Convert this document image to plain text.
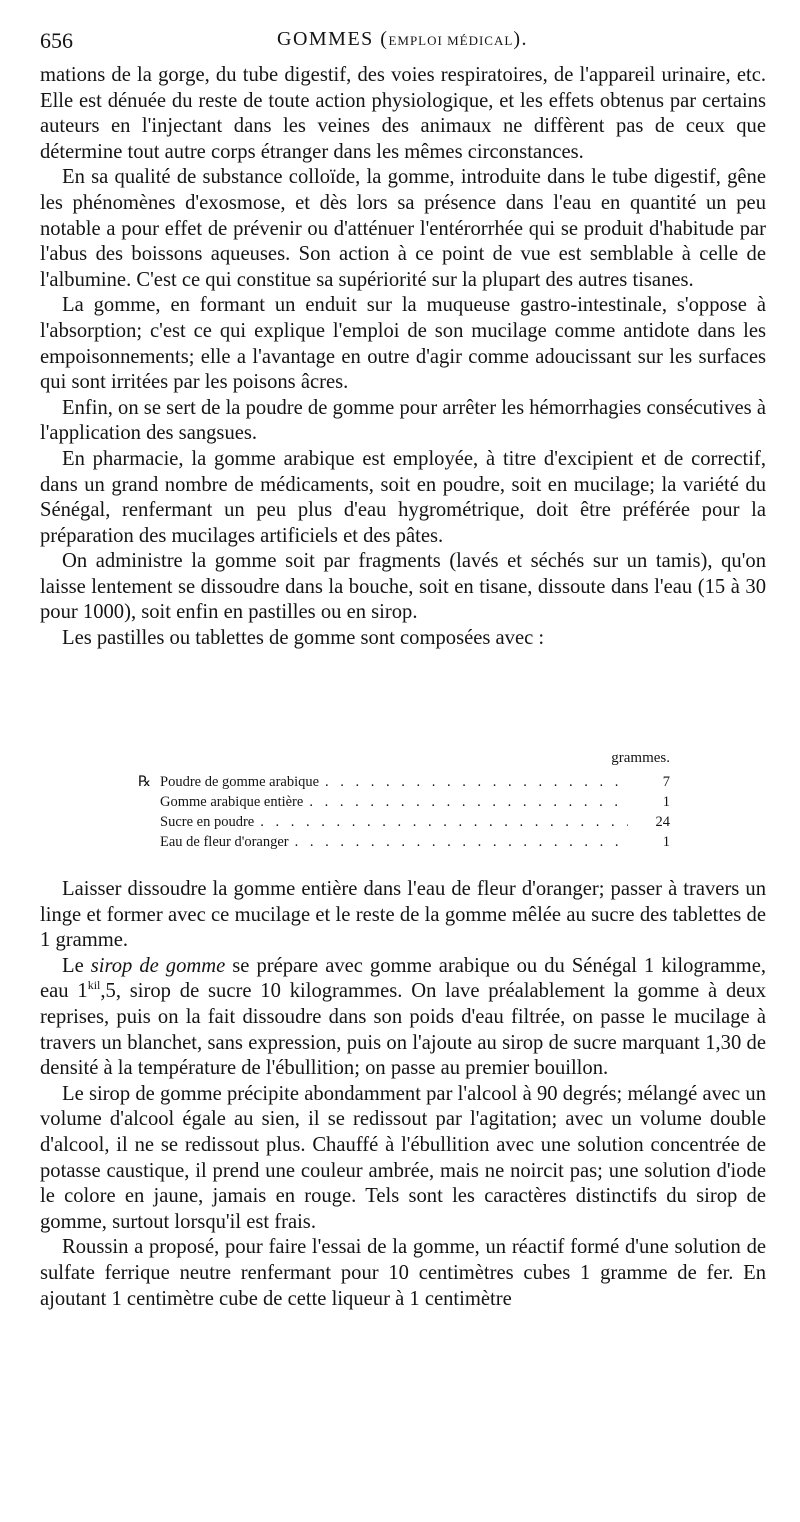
656	GOMMES (EMPLOI MÉDICAL).

mations de la gorge, du tube digestif, des voies respiratoires, de l'appareil urinaire, etc. Elle est dénuée du reste de toute action physiologique, et les effets obtenus par certains auteurs en l'injectant dans les veines des animaux ne diffèrent pas de ceux que détermine tout autre corps étranger dans les mêmes circonstances.

En sa qualité de substance colloïde, la gomme, introduite dans le tube digestif, gêne les phénomènes d'exosmose, et dès lors sa présence dans l'eau en quantité un peu notable a pour effet de prévenir ou d'atténuer l'entérorrhée qui se produit d'habitude par l'abus des boissons aqueuses. Son action à ce point de vue est semblable à celle de l'albumine. C'est ce qui constitue sa supériorité sur la plupart des autres tisanes.

La gomme, en formant un enduit sur la muqueuse gastro-intestinale, s'oppose à l'absorption; c'est ce qui explique l'emploi de son mucilage comme antidote dans les empoisonnements; elle a l'avantage en outre d'agir comme adoucissant sur les surfaces qui sont irritées par les poisons âcres.

Enfin, on se sert de la poudre de gomme pour arrêter les hémorrhagies consécutives à l'application des sangsues.

En pharmacie, la gomme arabique est employée, à titre d'excipient et de correctif, dans un grand nombre de médicaments, soit en poudre, soit en mucilage; la variété du Sénégal, renfermant un peu plus d'eau hygrométrique, doit être préférée pour la préparation des mucilages artificiels et des pâtes.

On administre la gomme soit par fragments (lavés et séchés sur un tamis), qu'on laisse lentement se dissoudre dans la bouche, soit en tisane, dissoute dans l'eau (15 à 30 pour 1000), soit enfin en pastilles ou en sirop.

Les pastilles ou tablettes de gomme sont composées avec :

grammes.
℞ Poudre de gomme arabique . . .	7
Gomme arabique entière . . .	1
Sucre en poudre . . .	24
Eau de fleur d'oranger . . .	1

Laisser dissoudre la gomme entière dans l'eau de fleur d'oranger; passer à travers un linge et former avec ce mucilage et le reste de la gomme mêlée au sucre des tablettes de 1 gramme.

Le sirop de gomme se prépare avec gomme arabique ou du Sénégal 1 kilogramme, eau $1^{kil},5$, sirop de sucre 10 kilogrammes. On lave préalablement la gomme à deux reprises, puis on la fait dissoudre dans son poids d'eau filtrée, on passe le mucilage à travers un blanchet, sans expression, puis on l'ajoute au sirop de sucre marquant 1,30 de densité à la température de l'ébullition; on passe au premier bouillon.

Le sirop de gomme précipite abondamment par l'alcool à 90 degrés; mélangé avec un volume d'alcool égale au sien, il se redissout par l'agitation; avec un volume double d'alcool, il ne se redissout plus. Chauffé à l'ébullition avec une solution concentrée de potasse caustique, il prend une couleur ambrée, mais ne noircit pas; une solution d'iode le colore en jaune, jamais en rouge. Tels sont les caractères distinctifs du sirop de gomme, surtout lorsqu'il est frais.

Roussin a proposé, pour faire l'essai de la gomme, un réactif formé d'une solution de sulfate ferrique neutre renfermant pour 10 centimètres cubes 1 gramme de fer. En ajoutant 1 centimètre cube de cette liqueur à 1 centimètre
